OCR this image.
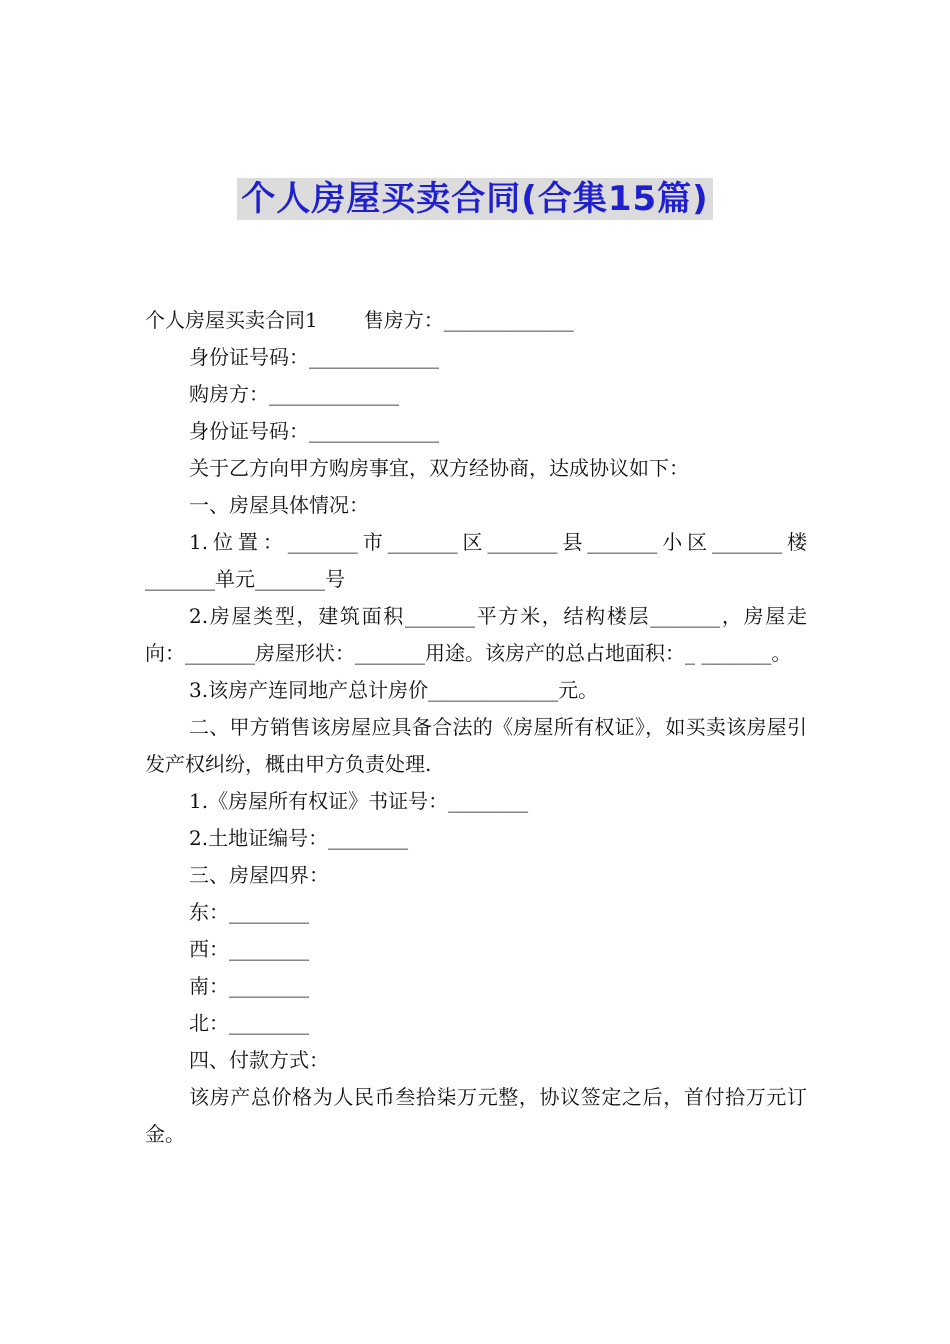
个人房屋买卖合同(合集15篇)

个人房屋买卖合同1 售房方：_____________

身份证号码：_____________

购房方：_____________

身份证号码：_____________

关于乙方向甲方购房事宜，双方经协商，达成协议如下：

一、房屋具体情况：

1.位置：_______市_______区_______县_______小区_______楼_______单元_______号

2.房屋类型，建筑面积_______平方米，结构楼层_______，房屋走向：_______房屋形状：_______用途。该房产的总占地面积：_ _______。

3.该房产连同地产总计房价_____________元。

二、甲方销售该房屋应具备合法的《房屋所有权证》，如买卖该房屋引发产权纠纷，概由甲方负责处理.

1.《房屋所有权证》书证号：________

2.土地证编号：________

三、房屋四界：

东：________

西：________

南：________

北：________

四、付款方式：

该房产总价格为人民币叁拾柒万元整，协议签定之后，首付拾万元订金。
